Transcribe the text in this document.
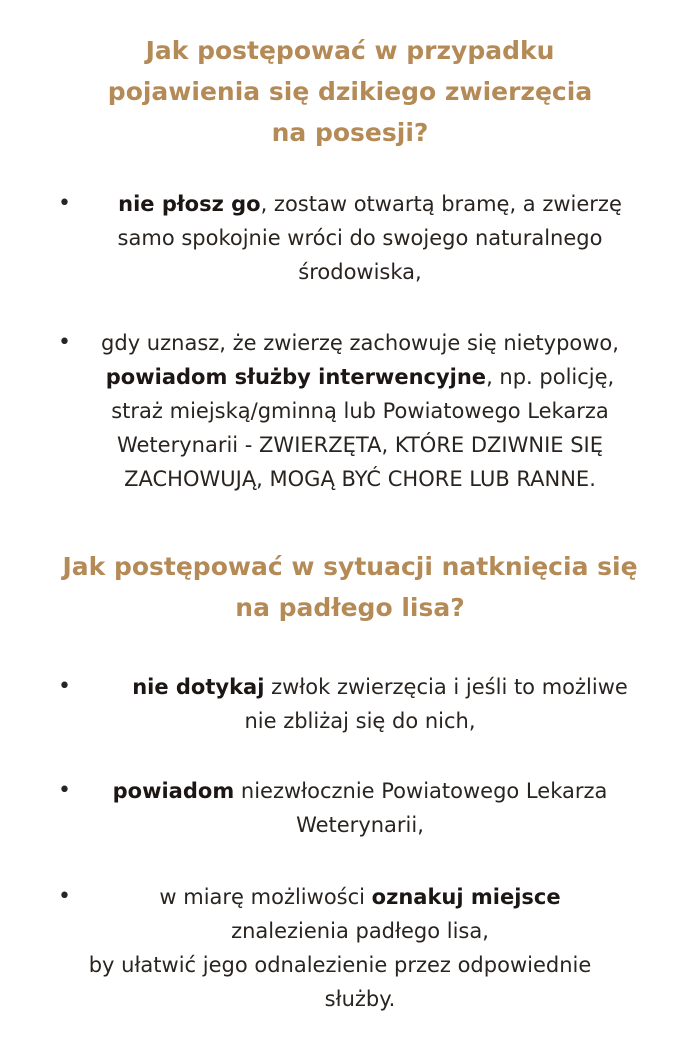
Jak postępować w przypadku
pojawienia się dzikiego zwierzęcia
na posesji?
•	nie płosz go, zostaw otwartą bramę, a zwierzę
samo spokojnie wróci do swojego naturalnego
środowiska,
•	gdy uznasz, że zwierzę zachowuje się nietypowo,
powiadom służby interwencyjne, np. policję,
straż miejską/gminną lub Powiatowego Lekarza
Weterynarii - ZWIERZĘTA, KTÓRE DZIWNIE SIĘ
ZACHOWUJĄ, MOGĄ BYĆ CHORE LUB RANNE.
Jak postępować w sytuacji natknięcia się
na padłego lisa?
•	nie dotykaj zwłok zwierzęcia i jeśli to możliwe
nie zbliżaj się do nich,
•	powiadom niezwłocznie Powiatowego Lekarza
Weterynarii,
•	w miarę możliwości oznakuj miejsce
znalezienia padłego lisa,
by ułatwić jego odnalezienie przez odpowiednie
służby.
